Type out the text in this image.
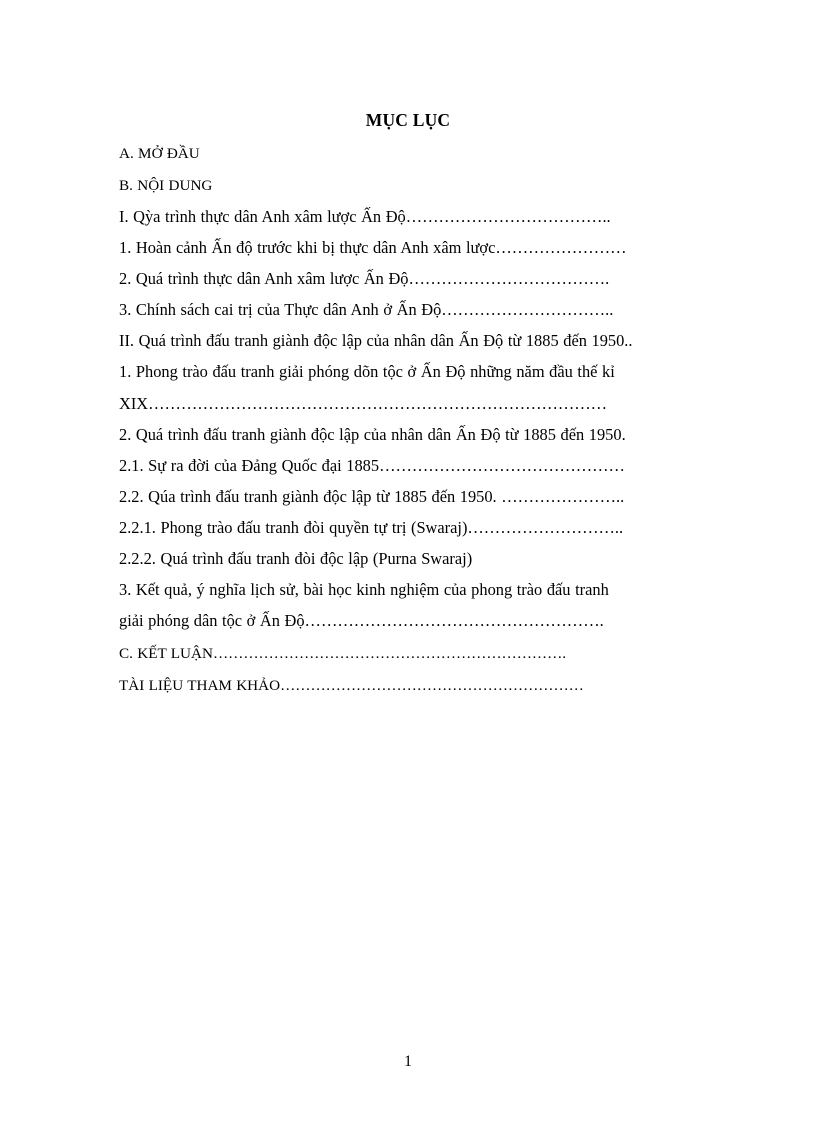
MỤC LỤC
A. MỞ ĐẦU
B. NỘI DUNG
I. Qỳa trình thực dân Anh xâm lược Ấn Độ………………………………..
1. Hoàn cảnh Ấn độ trước khi bị thực dân Anh xâm lược……………………
2. Quá trình thực dân Anh xâm lược Ấn Độ……………………………….
3. Chính sách cai trị của Thực dân Anh ở Ấn Độ…………………………..
II. Quá trình đấu tranh giành độc lập của nhân dân Ấn Độ từ 1885 đến 1950..
1. Phong trào đấu tranh giải phóng dõn tộc ở Ấn Độ những năm đầu thế kỉ
XIX…………………………………………………………………………
2. Quá trình đấu tranh giành độc lập của nhân dân Ấn Độ từ 1885 đến 1950.
2.1. Sự ra đời của Đảng Quốc đại 1885………………………………………
2.2. Qúa trình đấu tranh giành độc lập từ 1885 đến 1950. …………………..
2.2.1. Phong trào đấu tranh đòi quyền tự trị (Swaraj)………………………..
2.2.2. Quá trình đấu tranh đòi độc lập (Purna Swaraj)
3. Kết quả, ý nghĩa lịch sử, bài học kinh nghiệm của phong trào đấu tranh
giải phóng dân tộc ở Ấn Độ……………………………………………….
C. KẾT LUẬN…………………………………………………………….
TÀI LIỆU THAM KHẢO……………………………………………………
1
